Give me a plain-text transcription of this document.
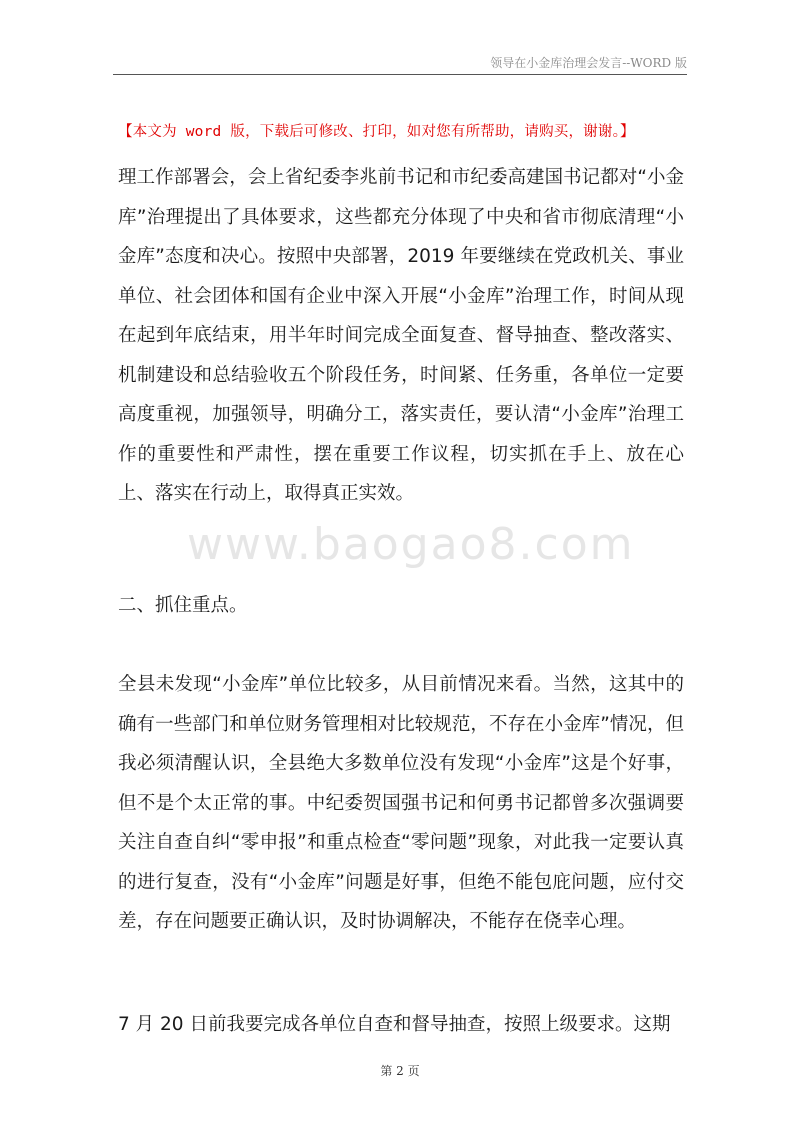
领导在小金库治理会发言--WORD 版
【本文为 word 版，下载后可修改、打印，如对您有所帮助，请购买，谢谢。】
理工作部署会，会上省纪委李兆前书记和市纪委高建国书记都对“小金库”治理提出了具体要求，这些都充分体现了中央和省市彻底清理“小金库”态度和决心。按照中央部署，2019 年要继续在党政机关、事业单位、社会团体和国有企业中深入开展“小金库”治理工作，时间从现在起到年底结束，用半年时间完成全面复查、督导抽查、整改落实、机制建设和总结验收五个阶段任务，时间紧、任务重，各单位一定要高度重视，加强领导，明确分工，落实责任，要认清“小金库”治理工作的重要性和严肃性，摆在重要工作议程，切实抓在手上、放在心上、落实在行动上，取得真正实效。
www.baogao8.com
二、抓住重点。
全县未发现“小金库”单位比较多，从目前情况来看。当然，这其中的确有一些部门和单位财务管理相对比较规范，不存在小金库”情况，但我必须清醒认识，全县绝大多数单位没有发现“小金库”这是个好事，但不是个太正常的事。中纪委贺国强书记和何勇书记都曾多次强调要关注自查自纠“零申报”和重点检查“零问题”现象，对此我一定要认真的进行复查，没有“小金库”问题是好事，但绝不能包庇问题，应付交差，存在问题要正确认识，及时协调解决，不能存在侥幸心理。
7 月 20 日前我要完成各单位自查和督导抽查，按照上级要求。这期
第 2 页
